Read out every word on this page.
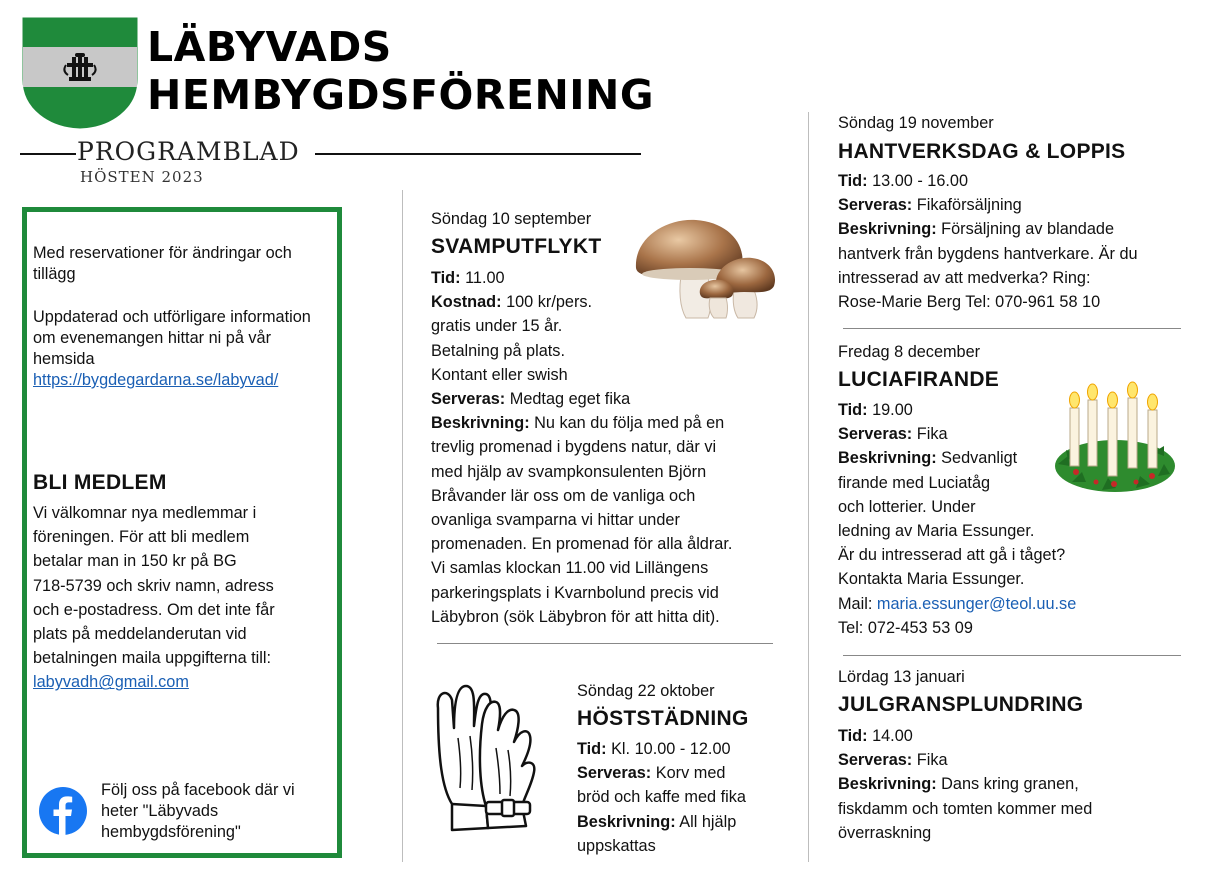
LÄBYVADS
HEMBYGDSFÖRENING
PROGRAMBLAD
HÖSTEN 2023
Med reservationer för ändringar och tillägg
Uppdaterad och utförligare information om evenemangen hittar ni på vår hemsida
https://bygdegardarna.se/labyvad/
BLI MEDLEM
Vi välkomnar nya medlemmar i
föreningen. För att bli medlem
betalar man in 150 kr på BG
718-5739 och skriv namn, adress
och e-postadress. Om det inte får
plats på meddelanderutan vid
betalningen maila uppgifterna till:
labyvadh@gmail.com
Följ oss på facebook där vi heter "Läbyvads hembygdsförening"
Söndag 10 september
SVAMPUTFLYKT
Tid: 11.00
Kostnad: 100 kr/pers.
gratis under 15 år.
Betalning på plats.
Kontant eller swish
Serveras: Medtag eget fika
Beskrivning: Nu kan du följa med på en
trevlig promenad i bygdens natur, där vi
med hjälp av svampkonsulenten Björn
Bråvander lär oss om de vanliga och
ovanliga svamparna vi hittar under
promenaden. En promenad för alla åldrar.
Vi samlas klockan 11.00 vid Lillängens
parkeringsplats i Kvarnbolund precis vid
Läbybron (sök Läbybron för att hitta dit).
Söndag 22 oktober
HÖSTSTÄDNING
Tid: Kl. 10.00 - 12.00
Serveras: Korv med
bröd och kaffe med fika
Beskrivning: All hjälp
uppskattas
Söndag 19 november
HANTVERKSDAG & LOPPIS
Tid: 13.00 - 16.00
Serveras: Fikaförsäljning
Beskrivning: Försäljning av blandade
hantverk från bygdens hantverkare. Är du
intresserad av att medverka? Ring:
Rose-Marie Berg Tel: 070-961 58 10
Fredag 8 december
LUCIAFIRANDE
Tid: 19.00
Serveras: Fika
Beskrivning: Sedvanligt
firande med Luciatåg
och lotterier. Under
ledning av Maria Essunger.
Är du intresserad att gå i tåget?
Kontakta Maria Essunger.
Mail: maria.essunger@teol.uu.se
Tel: 072-453 53 09
Lördag 13 januari
JULGRANSPLUNDRING
Tid: 14.00
Serveras: Fika
Beskrivning: Dans kring granen,
fiskdamm och tomten kommer med
överraskning
